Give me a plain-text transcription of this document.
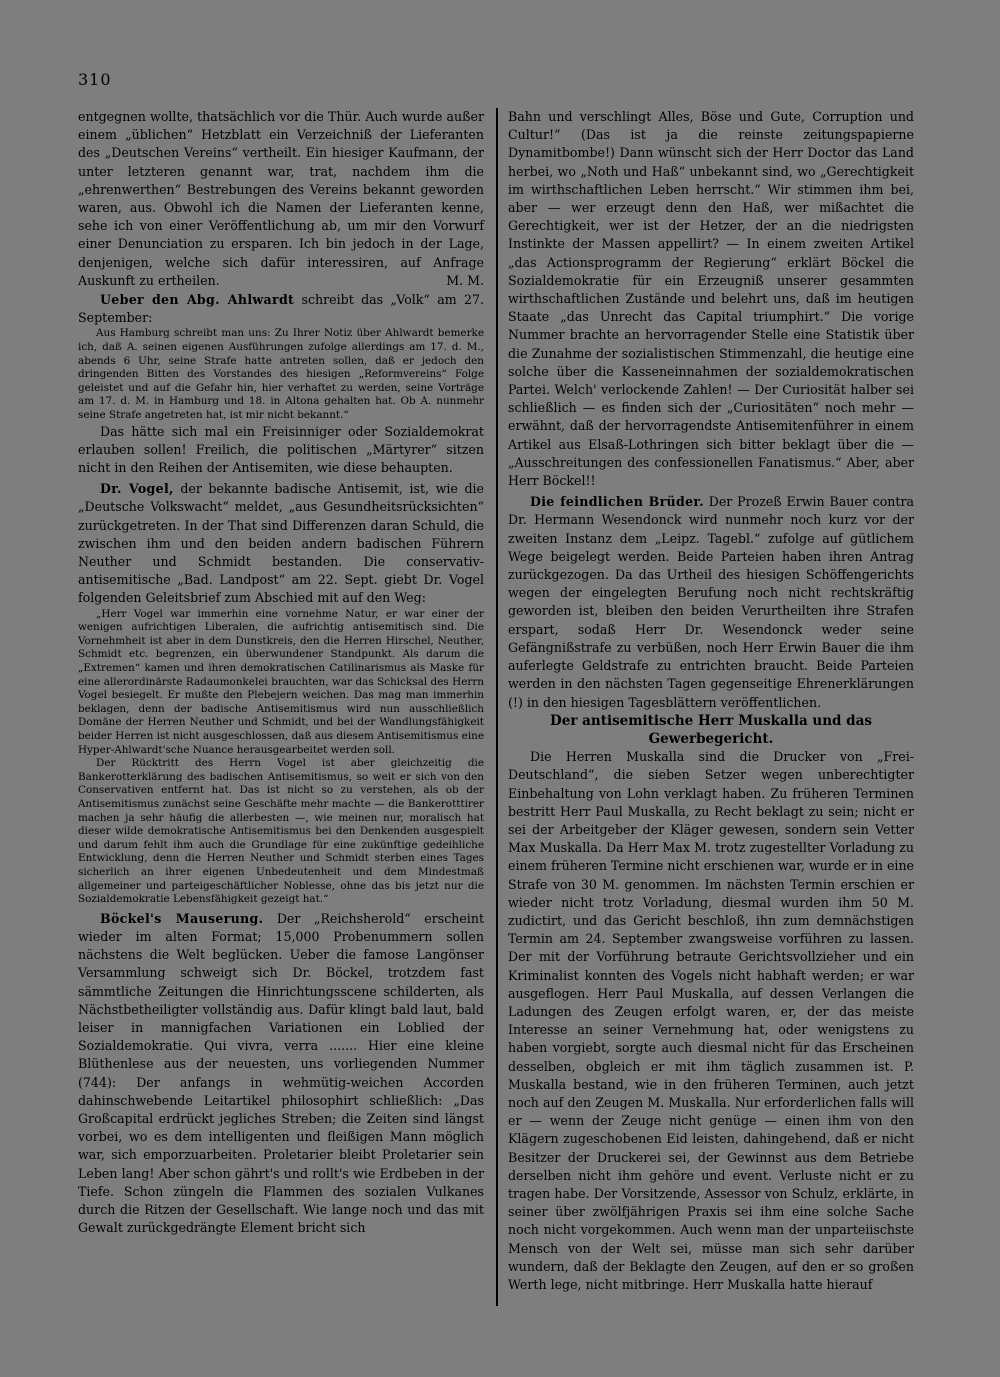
310

entgegnen wollte, thatsächlich vor die Thür. Auch wurde außer einem „üblichen“ Hetzblatt ein Verzeichniß der Lieferanten des „Deutschen Vereins“ vertheilt. Ein hiesiger Kaufmann, der unter letzteren genannt war, trat, nachdem ihm die „ehrenwerthen“ Bestrebungen des Vereins bekannt geworden waren, aus. Obwohl ich die Namen der Lieferanten kenne, sehe ich von einer Veröffentlichung ab, um mir den Vorwurf einer Denunciation zu ersparen. Ich bin jedoch in der Lage, denjenigen, welche sich dafür interessiren, auf Anfrage Auskunft zu ertheilen.	M. M.

Ueber den Abg. Ahlwardt schreibt das „Volk“ am 27. September:

Aus Hamburg schreibt man uns: Zu Ihrer Notiz über Ahlwardt bemerke ich, daß A. seinen eigenen Ausführungen zufolge allerdings am 17. d. M., abends 6 Uhr, seine Strafe hatte antreten sollen, daß er jedoch den dringenden Bitten des Vorstandes des hiesigen „Reformvereins“ Folge geleistet und auf die Gefahr hin, hier verhaftet zu werden, seine Vorträge am 17. d. M. in Hamburg und 18. in Altona gehalten hat. Ob A. nunmehr seine Strafe angetreten hat, ist mir nicht bekannt.“

Das hätte sich mal ein Freisinniger oder Sozialdemokrat erlauben sollen! Freilich, die politischen „Märtyrer“ sitzen nicht in den Reihen der Antisemiten, wie diese behaupten.

Dr. Vogel, der bekannte badische Antisemit, ist, wie die „Deutsche Volkswacht“ meldet, „aus Gesundheitsrücksichten“ zurückgetreten. In der That sind Differenzen daran Schuld, die zwischen ihm und den beiden andern badischen Führern Neuther und Schmidt bestanden. Die conservativ-antisemitische „Bad. Landpost“ am 22. Sept. giebt Dr. Vogel folgenden Geleitsbrief zum Abschied mit auf den Weg:

„Herr Vogel war immerhin eine vornehme Natur, er war einer der wenigen aufrichtigen Liberalen, die aufrichtig antisemitisch sind. Die Vornehmheit ist aber in dem Dunstkreis, den die Herren Hirschel, Neuther, Schmidt etc. begrenzen, ein überwundener Standpunkt. Als darum die „Extremen“ kamen und ihren demokratischen Catilinarismus als Maske für eine allerordinärste Radaumonkelei brauchten, war das Schicksal des Herrn Vogel besiegelt. Er mußte den Plebejern weichen. Das mag man immerhin beklagen, denn der badische Antisemitismus wird nun ausschließlich Domäne der Herren Neuther und Schmidt, und bei der Wandlungsfähigkeit beider Herren ist nicht ausgeschlossen, daß aus diesem Antisemitismus eine Hyper-Ahlwardt'sche Nuance herausgearbeitet werden soll.

Der Rücktritt des Herrn Vogel ist aber gleichzeitig die Bankerotterklärung des badischen Antisemitismus, so weit er sich von den Conservativen entfernt hat. Das ist nicht so zu verstehen, als ob der Antisemitismus zunächst seine Geschäfte mehr machte — die Bankerotttirer machen ja sehr häufig die allerbesten —, wie meinen nur, moralisch hat dieser wilde demokratische Antisemitismus bei den Denkenden ausgespielt und darum fehlt ihm auch die Grundlage für eine zukünftige gedeihliche Entwicklung, denn die Herren Neuther und Schmidt sterben eines Tages sicherlich an ihrer eigenen Unbedeutenheit und dem Mindestmaß allgemeiner und parteigeschäftlicher Noblesse, ohne das bis jetzt nur die Sozialdemokratie Lebensfähigkeit gezeigt hat.“

Böckel's Mauserung. Der „Reichsherold“ erscheint wieder im alten Format; 15,000 Probenummern sollen nächstens die Welt beglücken. Ueber die famose Langönser Versammlung schweigt sich Dr. Böckel, trotzdem fast sämmtliche Zeitungen die Hinrichtungsscene schilderten, als Nächstbetheiligter vollständig aus. Dafür klingt bald laut, bald leiser in mannigfachen Variationen ein Loblied der Sozialdemokratie. Qui vivra, verra ....... Hier eine kleine Blüthenlese aus der neuesten, uns vorliegenden Nummer (744): Der anfangs in wehmütig-weichen Accorden dahinschwebende Leitartikel philosophirt schließlich: „Das Großcapital erdrückt jegliches Streben; die Zeiten sind längst vorbei, wo es dem intelligenten und fleißigen Mann möglich war, sich emporzuarbeiten. Proletarier bleibt Proletarier sein Leben lang! Aber schon gährt's und rollt's wie Erdbeben in der Tiefe. Schon züngeln die Flammen des sozialen Vulkanes durch die Ritzen der Gesellschaft. Wie lange noch und das mit Gewalt zurückgedrängte Element bricht sich

Bahn und verschlingt Alles, Böse und Gute, Corruption und Cultur!“ (Das ist ja die reinste zeitungspapierne Dynamitbombe!) Dann wünscht sich der Herr Doctor das Land herbei, wo „Noth und Haß“ unbekannt sind, wo „Gerechtigkeit im wirthschaftlichen Leben herrscht.“ Wir stimmen ihm bei, aber — wer erzeugt denn den Haß, wer mißachtet die Gerechtigkeit, wer ist der Hetzer, der an die niedrigsten Instinkte der Massen appellirt? — In einem zweiten Artikel „das Actionsprogramm der Regierung“ erklärt Böckel die Sozialdemokratie für ein Erzeugniß unserer gesammten wirthschaftlichen Zustände und belehrt uns, daß im heutigen Staate „das Unrecht das Capital triumphirt.“ Die vorige Nummer brachte an hervorragender Stelle eine Statistik über die Zunahme der sozialistischen Stimmenzahl, die heutige eine solche über die Kasseneinnahmen der sozialdemokratischen Partei. Welch' verlockende Zahlen! — Der Curiosität halber sei schließlich — es finden sich der „Curiositäten“ noch mehr — erwähnt, daß der hervorragendste Antisemitenführer in einem Artikel aus Elsaß-Lothringen sich bitter beklagt über die — „Ausschreitungen des confessionellen Fanatismus.“ Aber, aber Herr Böckel!!

Die feindlichen Brüder. Der Prozeß Erwin Bauer contra Dr. Hermann Wesendonck wird nunmehr noch kurz vor der zweiten Instanz dem „Leipz. Tagebl.“ zufolge auf gütlichem Wege beigelegt werden. Beide Parteien haben ihren Antrag zurückgezogen. Da das Urtheil des hiesigen Schöffengerichts wegen der eingelegten Berufung noch nicht rechtskräftig geworden ist, bleiben den beiden Verurtheilten ihre Strafen erspart, sodaß Herr Dr. Wesendonck weder seine Gefängnißstrafe zu verbüßen, noch Herr Erwin Bauer die ihm auferlegte Geldstrafe zu entrichten braucht. Beide Parteien werden in den nächsten Tagen gegenseitige Ehrenerklärungen (!) in den hiesigen Tagesblättern veröffentlichen.

Der antisemitische Herr Muskalla und das Gewerbegericht.

Die Herren Muskalla sind die Drucker von „Frei-Deutschland“, die sieben Setzer wegen unberechtigter Einbehaltung von Lohn verklagt haben. Zu früheren Terminen bestritt Herr Paul Muskalla, zu Recht beklagt zu sein; nicht er sei der Arbeitgeber der Kläger gewesen, sondern sein Vetter Max Muskalla. Da Herr Max M. trotz zugestellter Vorladung zu einem früheren Termine nicht erschienen war, wurde er in eine Strafe von 30 M. genommen. Im nächsten Termin erschien er wieder nicht trotz Vorladung, diesmal wurden ihm 50 M. zudictirt, und das Gericht beschloß, ihn zum demnächstigen Termin am 24. September zwangsweise vorführen zu lassen. Der mit der Vorführung betraute Gerichtsvollzieher und ein Kriminalist konnten des Vogels nicht habhaft werden; er war ausgeflogen. Herr Paul Muskalla, auf dessen Verlangen die Ladungen des Zeugen erfolgt waren, er, der das meiste Interesse an seiner Vernehmung hat, oder wenigstens zu haben vorgiebt, sorgte auch diesmal nicht für das Erscheinen desselben, obgleich er mit ihm täglich zusammen ist. P. Muskalla bestand, wie in den früheren Terminen, auch jetzt noch auf den Zeugen M. Muskalla. Nur erforderlichen falls will er — wenn der Zeuge nicht genüge — einen ihm von den Klägern zugeschobenen Eid leisten, dahingehend, daß er nicht Besitzer der Druckerei sei, der Gewinnst aus dem Betriebe derselben nicht ihm gehöre und event. Verluste nicht er zu tragen habe. Der Vorsitzende, Assessor von Schulz, erklärte, in seiner über zwölfjährigen Praxis sei ihm eine solche Sache noch nicht vorgekommen. Auch wenn man der unparteiischste Mensch von der Welt sei, müsse man sich sehr darüber wundern, daß der Beklagte den Zeugen, auf den er so großen Werth lege, nicht mitbringe. Herr Muskalla hatte hierauf
